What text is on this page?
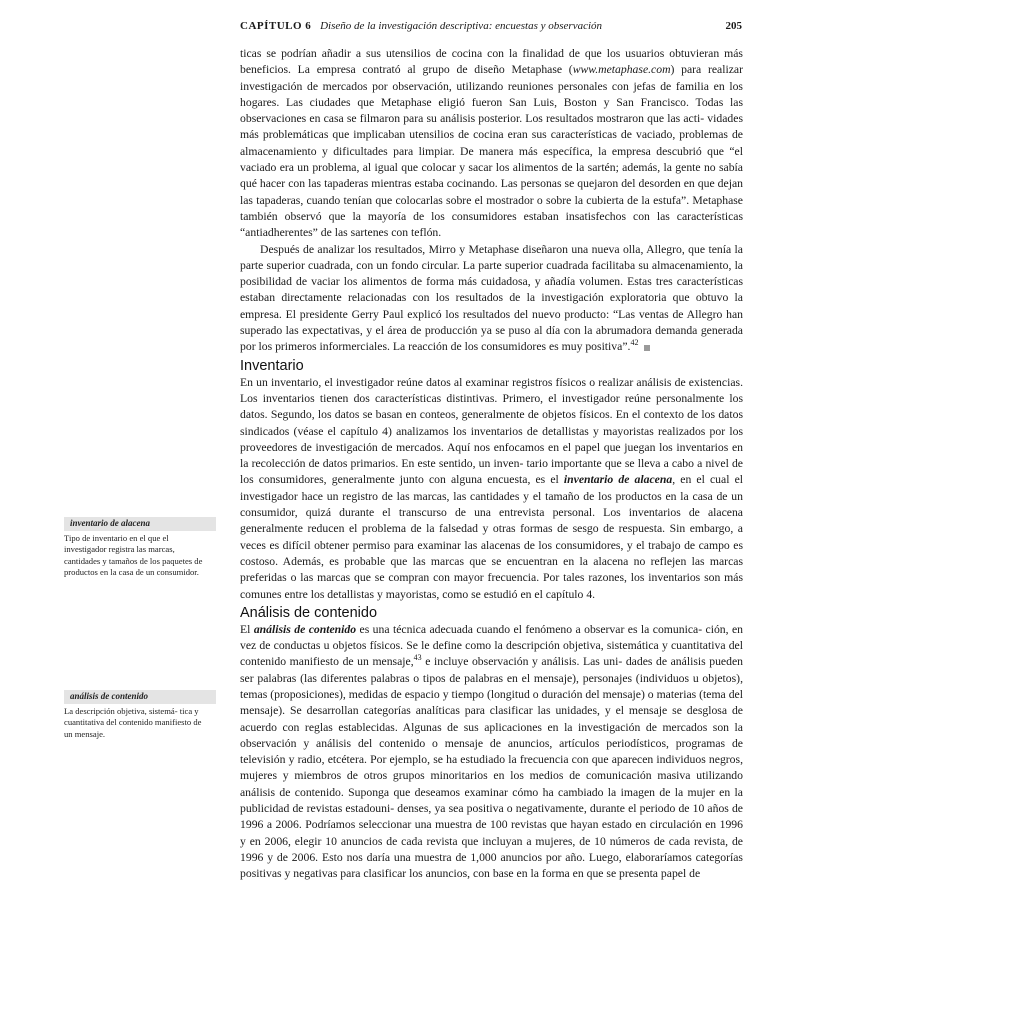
CAPÍTULO 6 Diseño de la investigación descriptiva: encuestas y observación	205

ticas se podrían añadir a sus utensilios de cocina con la finalidad de que los usuarios obtuvieran más beneficios. La empresa contrató al grupo de diseño Metaphase (www.metaphase.com) para realizar investigación de mercados por observación, utilizando reuniones personales con jefas de familia en los hogares. Las ciudades que Metaphase eligió fueron San Luis, Boston y San Francisco. Todas las observaciones en casa se filmaron para su análisis posterior. Los resultados mostraron que las acti- vidades más problemáticas que implicaban utensilios de cocina eran sus características de vaciado, problemas de almacenamiento y dificultades para limpiar. De manera más específica, la empresa descubrió que “el vaciado era un problema, al igual que colocar y sacar los alimentos de la sartén; además, la gente no sabía qué hacer con las tapaderas mientras estaba cocinando. Las personas se quejaron del desorden en que dejan las tapaderas, cuando tenían que colocarlas sobre el mostrador o sobre la cubierta de la estufa”. Metaphase también observó que la mayoría de los consumidores estaban insatisfechos con las características “antiadherentes” de las sartenes con teflón.

Después de analizar los resultados, Mirro y Metaphase diseñaron una nueva olla, Allegro, que tenía la parte superior cuadrada, con un fondo circular. La parte superior cuadrada facilitaba su almacenamiento, la posibilidad de vaciar los alimentos de forma más cuidadosa, y añadía volumen. Estas tres características estaban directamente relacionadas con los resultados de la investigación exploratoria que obtuvo la empresa. El presidente Gerry Paul explicó los resultados del nuevo producto: “Las ventas de Allegro han superado las expectativas, y el área de producción ya se puso al día con la abrumadora demanda generada por los primeros informerciales. La reacción de los consumidores es muy positiva”.$^{42}$

Inventario

En un inventario, el investigador reúne datos al examinar registros físicos o realizar análisis de existencias. Los inventarios tienen dos características distintivas. Primero, el investigador reúne personalmente los datos. Segundo, los datos se basan en conteos, generalmente de objetos físicos. En el contexto de los datos sindicados (véase el capítulo 4) analizamos los inventarios de detallistas y mayoristas realizados por los proveedores de investigación de mercados. Aquí nos enfocamos en el papel que juegan los inventarios en la recolección de datos primarios. En este sentido, un inven- tario importante que se lleva a cabo a nivel de los consumidores, generalmente junto con alguna encuesta, es el inventario de alacena, en el cual el investigador hace un registro de las marcas, las cantidades y el tamaño de los productos en la casa de un consumidor, quizá durante el transcurso de una entrevista personal. Los inventarios de alacena generalmente reducen el problema de la falsedad y otras formas de sesgo de respuesta. Sin embargo, a veces es difícil obtener permiso para examinar las alacenas de los consumidores, y el trabajo de campo es costoso. Además, es probable que las marcas que se encuentran en la alacena no reflejen las marcas preferidas o las marcas que se compran con mayor frecuencia. Por tales razones, los inventarios son más comunes entre los detallistas y mayoristas, como se estudió en el capítulo 4.

Análisis de contenido

El análisis de contenido es una técnica adecuada cuando el fenómeno a observar es la comunica- ción, en vez de conductas u objetos físicos. Se le define como la descripción objetiva, sistemática y cuantitativa del contenido manifiesto de un mensaje,$^{43}$ e incluye observación y análisis. Las uni- dades de análisis pueden ser palabras (las diferentes palabras o tipos de palabras en el mensaje), personajes (individuos u objetos), temas (proposiciones), medidas de espacio y tiempo (longitud o duración del mensaje) o materias (tema del mensaje). Se desarrollan categorías analíticas para clasificar las unidades, y el mensaje se desglosa de acuerdo con reglas establecidas. Algunas de sus aplicaciones en la investigación de mercados son la observación y análisis del contenido o mensaje de anuncios, artículos periodísticos, programas de televisión y radio, etcétera. Por ejemplo, se ha estudiado la frecuencia con que aparecen individuos negros, mujeres y miembros de otros grupos minoritarios en los medios de comunicación masiva utilizando análisis de contenido. Suponga que deseamos examinar cómo ha cambiado la imagen de la mujer en la publicidad de revistas estadouni- denses, ya sea positiva o negativamente, durante el periodo de 10 años de 1996 a 2006. Podríamos seleccionar una muestra de 100 revistas que hayan estado en circulación en 1996 y en 2006, elegir 10 anuncios de cada revista que incluyan a mujeres, de 10 números de cada revista, de 1996 y de 2006. Esto nos daría una muestra de 1,000 anuncios por año. Luego, elaboraríamos categorías positivas y negativas para clasificar los anuncios, con base en la forma en que se presenta papel de

inventario de alacena
Tipo de inventario en el que el investigador registra las marcas, cantidades y tamaños de los paquetes de productos en la casa de un consumidor.
análisis de contenido
La descripción objetiva, sistemá- tica y cuantitativa del contenido manifiesto de un mensaje.
